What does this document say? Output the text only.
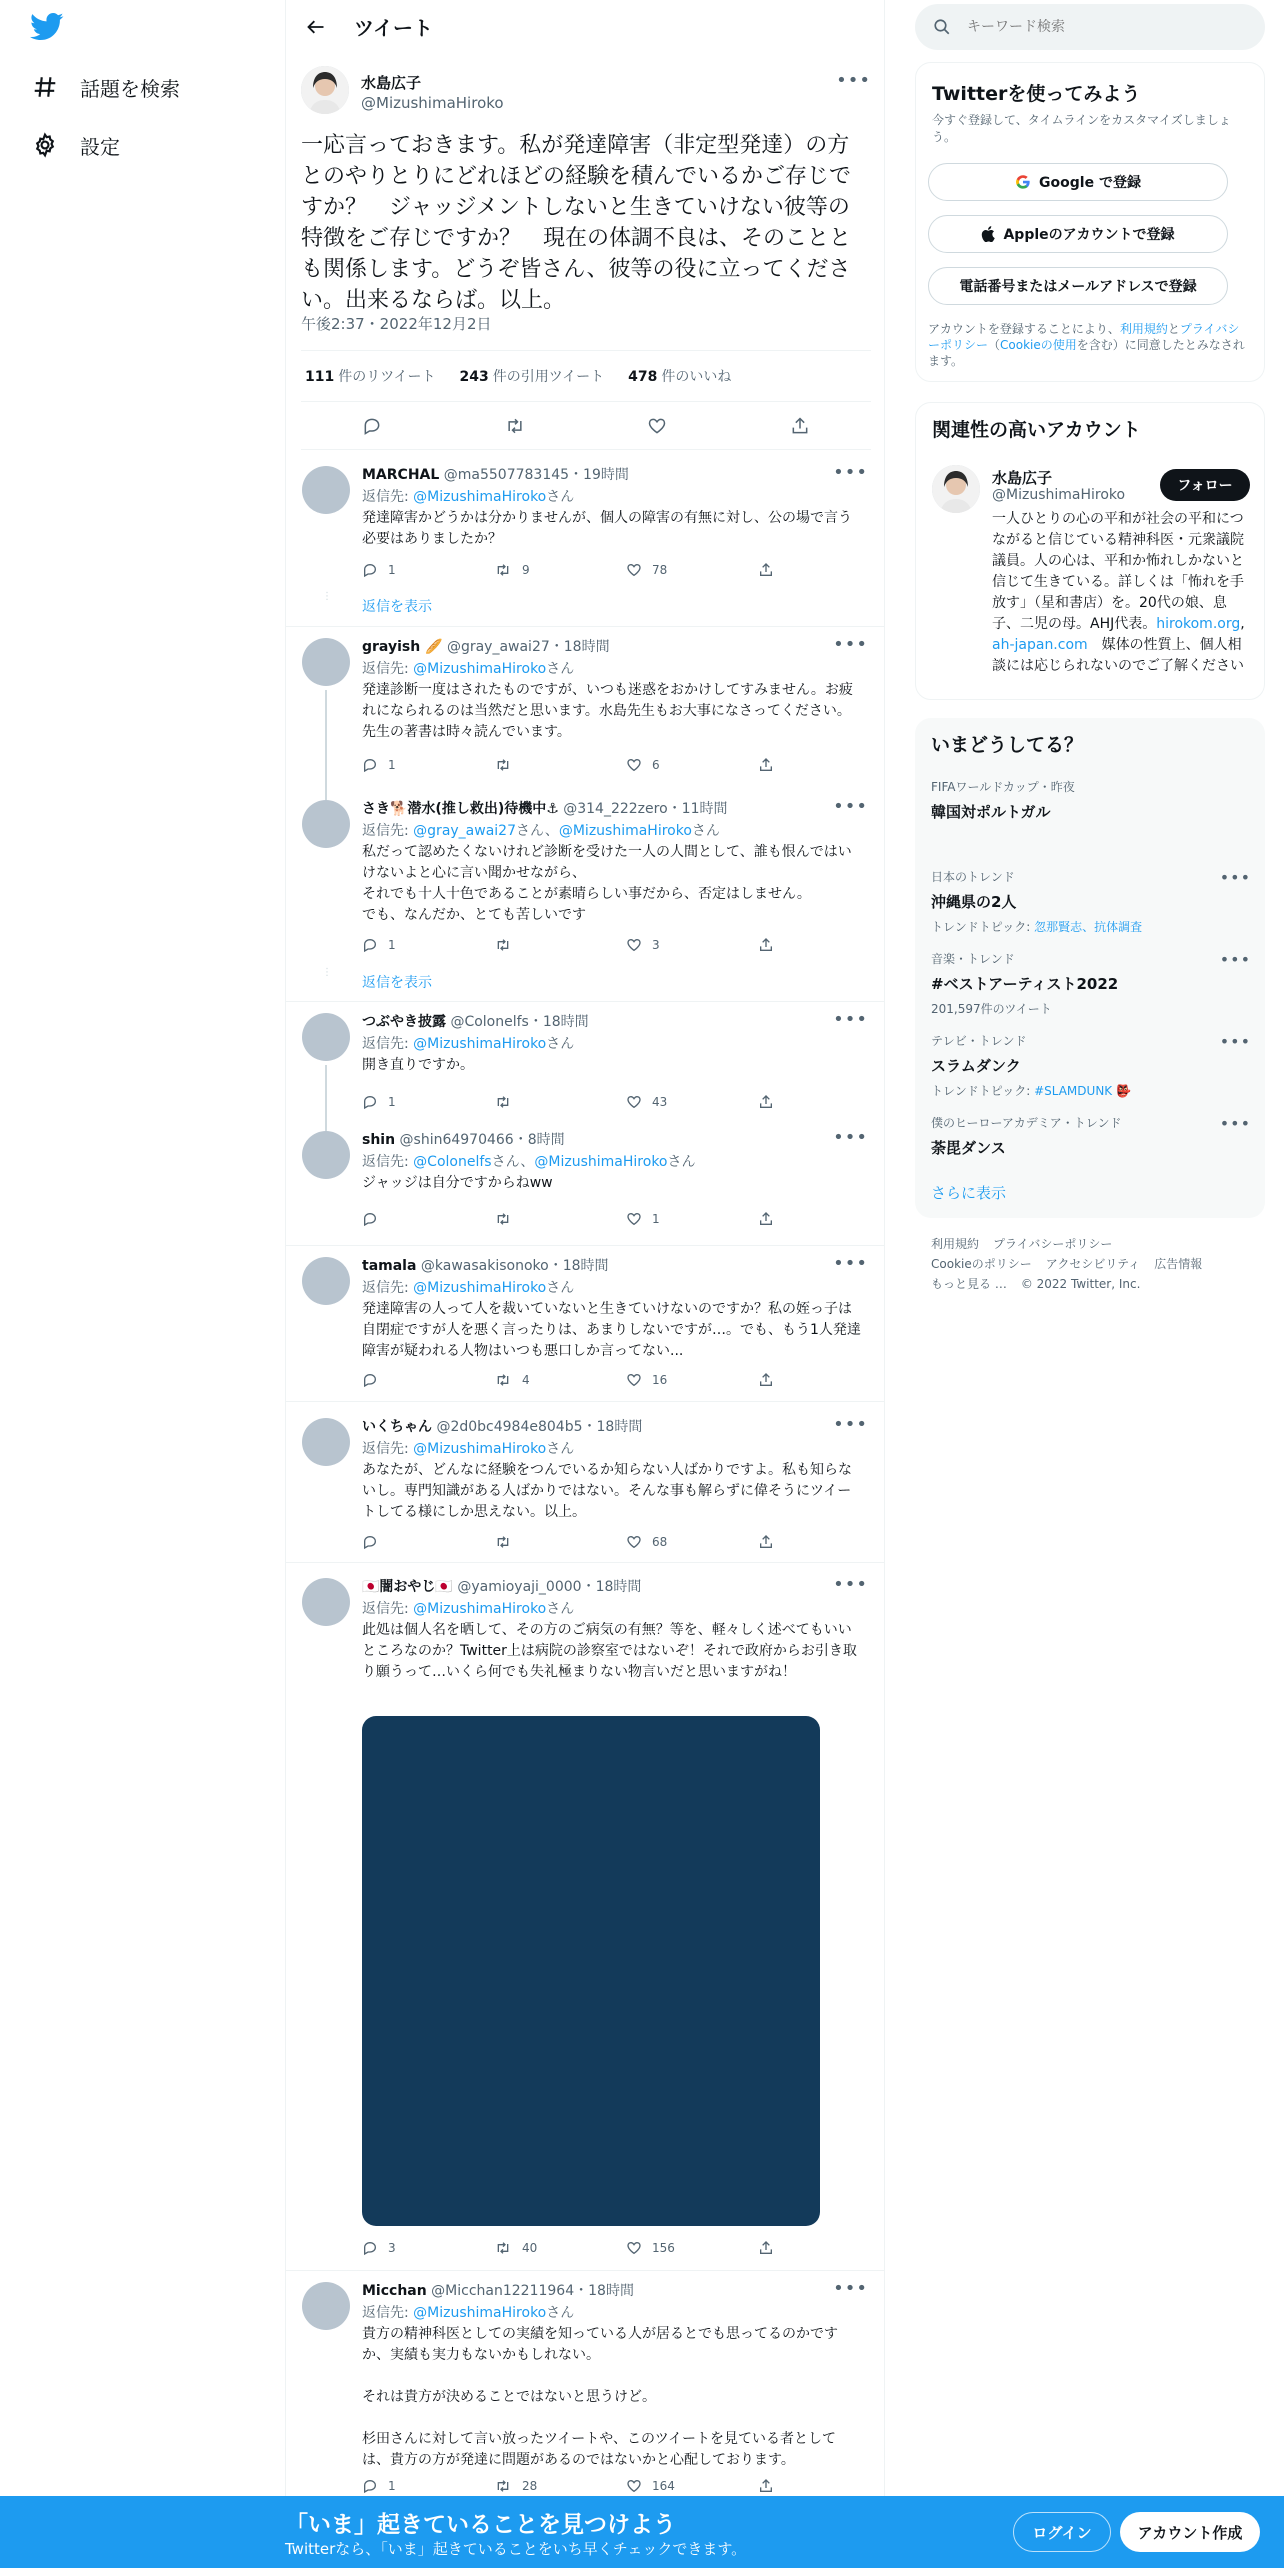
話題を検索
設定
ツイート
水島広子
@MizushimaHiroko
•••
一応言っておきます。私が発達障害（非定型発達）の方とのやりとりにどれほどの経験を積んでいるかご存じですか？　ジャッジメントしないと生きていけない彼等の特徴をご存じですか？　現在の体調不良は、そのこととも関係します。どうぞ皆さん、彼等の役に立ってください。出来るならば。以上。
午後2:37・2022年12月2日
111 件のリツイート 243 件の引用ツイート 478 件のいいね
MARCHAL @ma5507783145・19時間	•••
返信先: @MizushimaHirokoさん
発達障害かどうかは分かりませんが、個人の障害の有無に対し、公の場で言う必要はありましたか？
1	9	78
⋮
返信を表示
grayish 🥖 @gray_awai27・18時間	•••
返信先: @MizushimaHirokoさん
発達診断一度はされたものですが、いつも迷惑をおかけしてすみません。お疲れになられるのは当然だと思います。水島先生もお大事になさってください。先生の著書は時々読んでいます。
1	6
さき🐕潜水(推し救出)待機中⚓ @314_222zero・11時間	•••
返信先: @gray_awai27さん、@MizushimaHirokoさん
私だって認めたくないけれど診断を受けた一人の人間として、誰も恨んではいけないよと心に言い聞かせながら、
それでも十人十色であることが素晴らしい事だから、否定はしません。
でも、なんだか、とても苦しいです
1	3
⋮
返信を表示
つぶやき披露 @Colonelfs・18時間	•••
返信先: @MizushimaHirokoさん
開き直りですか。
1	43
shin @shin64970466・8時間	•••
返信先: @Colonelfsさん、@MizushimaHirokoさん
ジャッジは自分ですからねww
1
tamala @kawasakisonoko・18時間	•••
返信先: @MizushimaHirokoさん
発達障害の人って人を裁いていないと生きていけないのですか？私の姪っ子は自閉症ですが人を悪く言ったりは、あまりしないですが…。でも、もう1人発達障害が疑われる人物はいつも悪口しか言ってない...
4	16
いくちゃん @2d0bc4984e804b5・18時間	•••
返信先: @MizushimaHirokoさん
あなたが、どんなに経験をつんでいるか知らない人ばかりですよ。私も知らないし。専門知識がある人ばかりではない。そんな事も解らずに偉そうにツイートしてる様にしか思えない。以上。
68
🇯🇵闇おやじ🇯🇵 @yamioyaji_0000・18時間	•••
返信先: @MizushimaHirokoさん
此処は個人名を晒して、その方のご病気の有無？等を、軽々しく述べてもいいところなのか？Twitter上は病院の診察室ではないぞ！それで政府からお引き取り願うって…いくら何でも失礼極まりない物言いだと思いますがね！
3	40	156
Micchan @Micchan12211964・18時間	•••
返信先: @MizushimaHirokoさん
貴方の精神科医としての実績を知っている人が居るとでも思ってるのかですか、実績も実力もないかもしれない。

それは貴方が決めることではないと思うけど。

杉田さんに対して言い放ったツイートや、このツイートを見ている者としては、貴方の方が発達に問題があるのではないかと心配しております。
1	28	164
キーワード検索
Twitterを使ってみよう
今すぐ登録して、タイムラインをカスタマイズしましょう。
Google で登録
Appleのアカウントで登録
電話番号またはメールアドレスで登録
アカウントを登録することにより、利用規約とプライバシーポリシー（Cookieの使用を含む）に同意したとみなされます。
関連性の高いアカウント
水島広子
@MizushimaHiroko
フォロー
一人ひとりの心の平和が社会の平和につながると信じている精神科医・元衆議院議員。人の心は、平和か怖れしかないと信じて生きている。詳しくは「怖れを手放す」（星和書店）を。20代の娘、息子、二児の母。AHJ代表。hirokom.org, ah-japan.com　媒体の性質上、個人相談には応じられないのでご了解ください
いまどうしてる？
FIFAワールドカップ・昨夜
韓国対ポルトガル
日本のトレンド
沖縄県の2人
トレンドトピック: 忽那賢志、抗体調査
•••
音楽・トレンド
#ベストアーティスト2022
201,597件のツイート
•••
テレビ・トレンド
スラムダンク
トレンドトピック: #SLAMDUNK 👺
•••
僕のヒーローアカデミア・トレンド
荼毘ダンス
•••
さらに表示
利用規約 プライバシーポリシー
Cookieのポリシー アクセシビリティ 広告情報
もっと見る … © 2022 Twitter, Inc.
「いま」起きていることを見つけよう
Twitterなら、「いま」起きていることをいち早くチェックできます。
ログイン	アカウント作成
